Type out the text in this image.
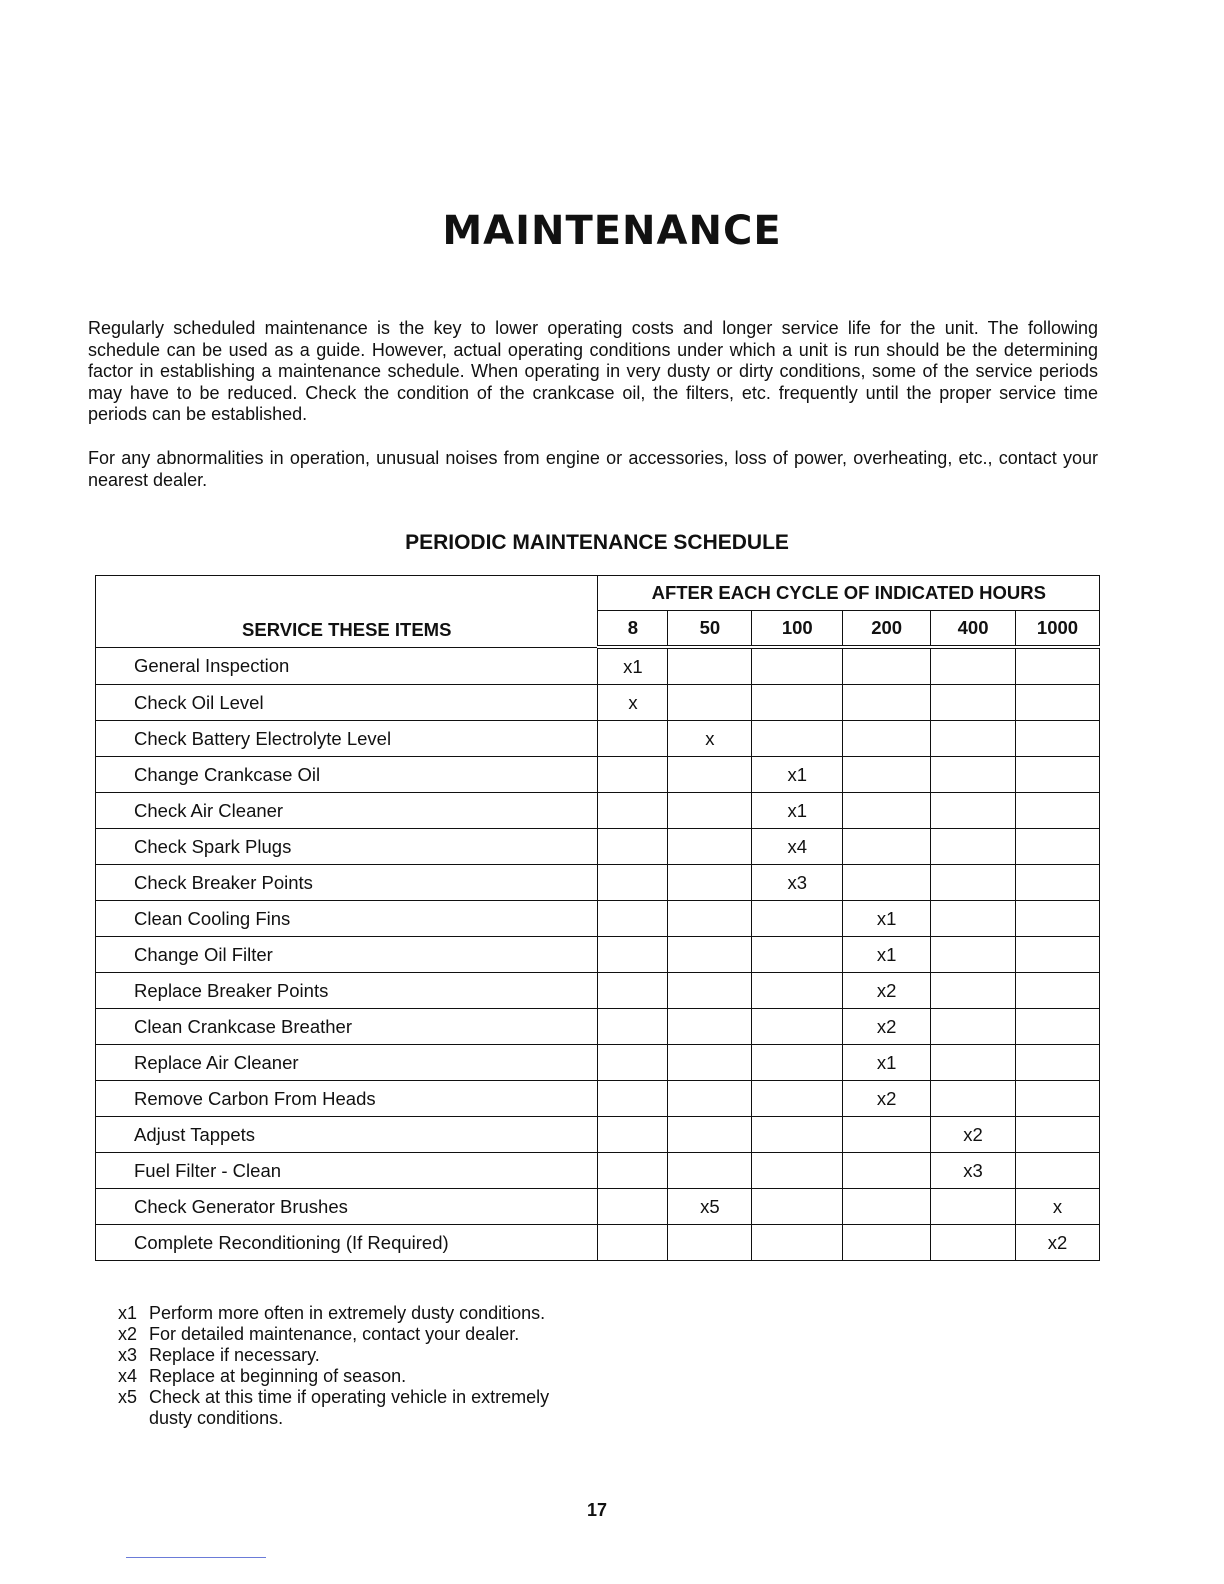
MAINTENANCE

Regularly scheduled maintenance is the key to lower operating costs and longer service life for the unit. The following schedule can be used as a guide. However, actual operating conditions under which a unit is run should be the determining factor in establishing a maintenance schedule. When operating in very dusty or dirty conditions, some of the service periods may have to be reduced. Check the condition of the crankcase oil, the filters, etc. frequently until the proper service time periods can be established.

For any abnormalities in operation, unusual noises from engine or accessories, loss of power, overheating, etc., contact your nearest dealer.

PERIODIC MAINTENANCE SCHEDULE
SERVICE THESE ITEMS	AFTER EACH CYCLE OF INDICATED HOURS					
	8	50	100	200	400	1000
General Inspection	x1					
Check Oil Level	x					
Check Battery Electrolyte Level		x				
Change Crankcase Oil			x1			
Check Air Cleaner			x1			
Check Spark Plugs			x4			
Check Breaker Points			x3			
Clean Cooling Fins				x1		
Change Oil Filter				x1		
Replace Breaker Points				x2		
Clean Crankcase Breather				x2		
Replace Air Cleaner				x1		
Remove Carbon From Heads				x2		
Adjust Tappets					x2	
Fuel Filter - Clean					x3	
Check Generator Brushes		x5				x
Complete Reconditioning (If Required)						x2
x1 Perform more often in extremely dusty conditions.
x2 For detailed maintenance, contact your dealer.
x3 Replace if necessary.
x4 Replace at beginning of season.
x5 Check at this time if operating vehicle in extremely dusty conditions.
17
